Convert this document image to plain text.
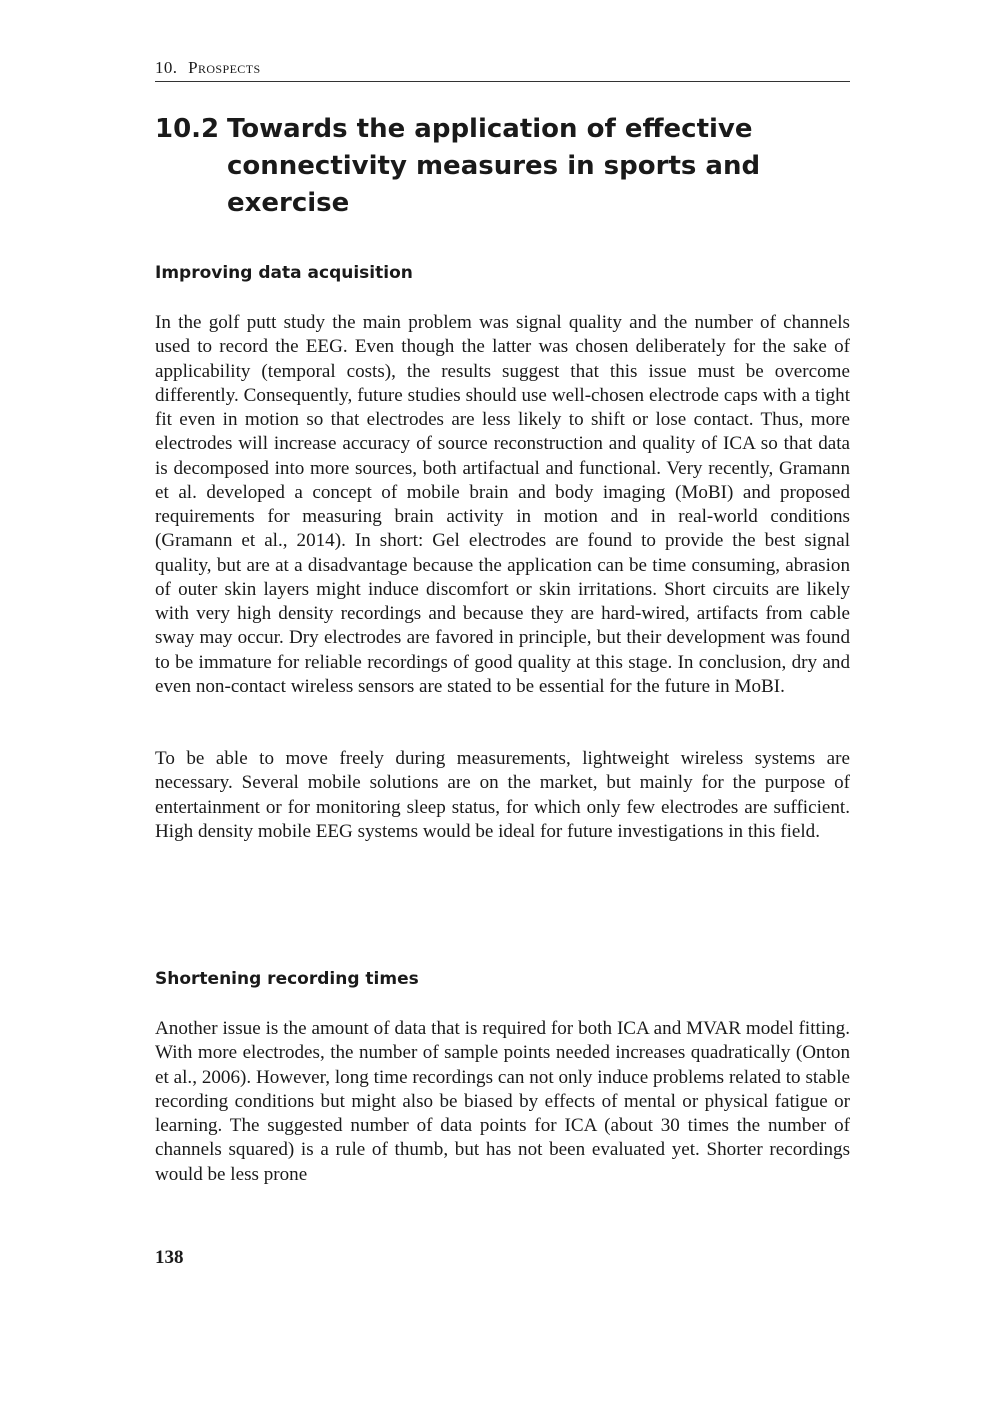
10. Prospects
10.2 Towards the application of effective connectivity measures in sports and exercise
Improving data acquisition

In the golf putt study the main problem was signal quality and the number of channels used to record the EEG. Even though the latter was chosen deliberately for the sake of applicability (temporal costs), the results suggest that this issue must be overcome differently. Consequently, future studies should use well-chosen electrode caps with a tight fit even in motion so that electrodes are less likely to shift or lose contact. Thus, more electrodes will increase accuracy of source reconstruction and quality of ICA so that data is decomposed into more sources, both artifactual and functional. Very recently, Gramann et al. developed a concept of mobile brain and body imaging (MoBI) and proposed requirements for measuring brain activity in motion and in real-world conditions (Gramann et al., 2014). In short: Gel electrodes are found to provide the best signal quality, but are at a disadvantage because the application can be time consuming, abrasion of outer skin layers might induce discomfort or skin irritations. Short circuits are likely with very high density recordings and because they are hard-wired, artifacts from cable sway may occur. Dry electrodes are favored in principle, but their development was found to be immature for reliable recordings of good quality at this stage. In conclusion, dry and even non-contact wireless sensors are stated to be essential for the future in MoBI.

To be able to move freely during measurements, lightweight wireless systems are necessary. Several mobile solutions are on the market, but mainly for the purpose of entertainment or for monitoring sleep status, for which only few electrodes are sufficient. High density mobile EEG systems would be ideal for future investigations in this field.

Shortening recording times

Another issue is the amount of data that is required for both ICA and MVAR model fitting. With more electrodes, the number of sample points needed increases quadratically (Onton et al., 2006). However, long time recordings can not only induce problems related to stable recording conditions but might also be biased by effects of mental or physical fatigue or learning. The suggested number of data points for ICA (about 30 times the number of channels squared) is a rule of thumb, but has not been evaluated yet. Shorter recordings would be less prone

138
